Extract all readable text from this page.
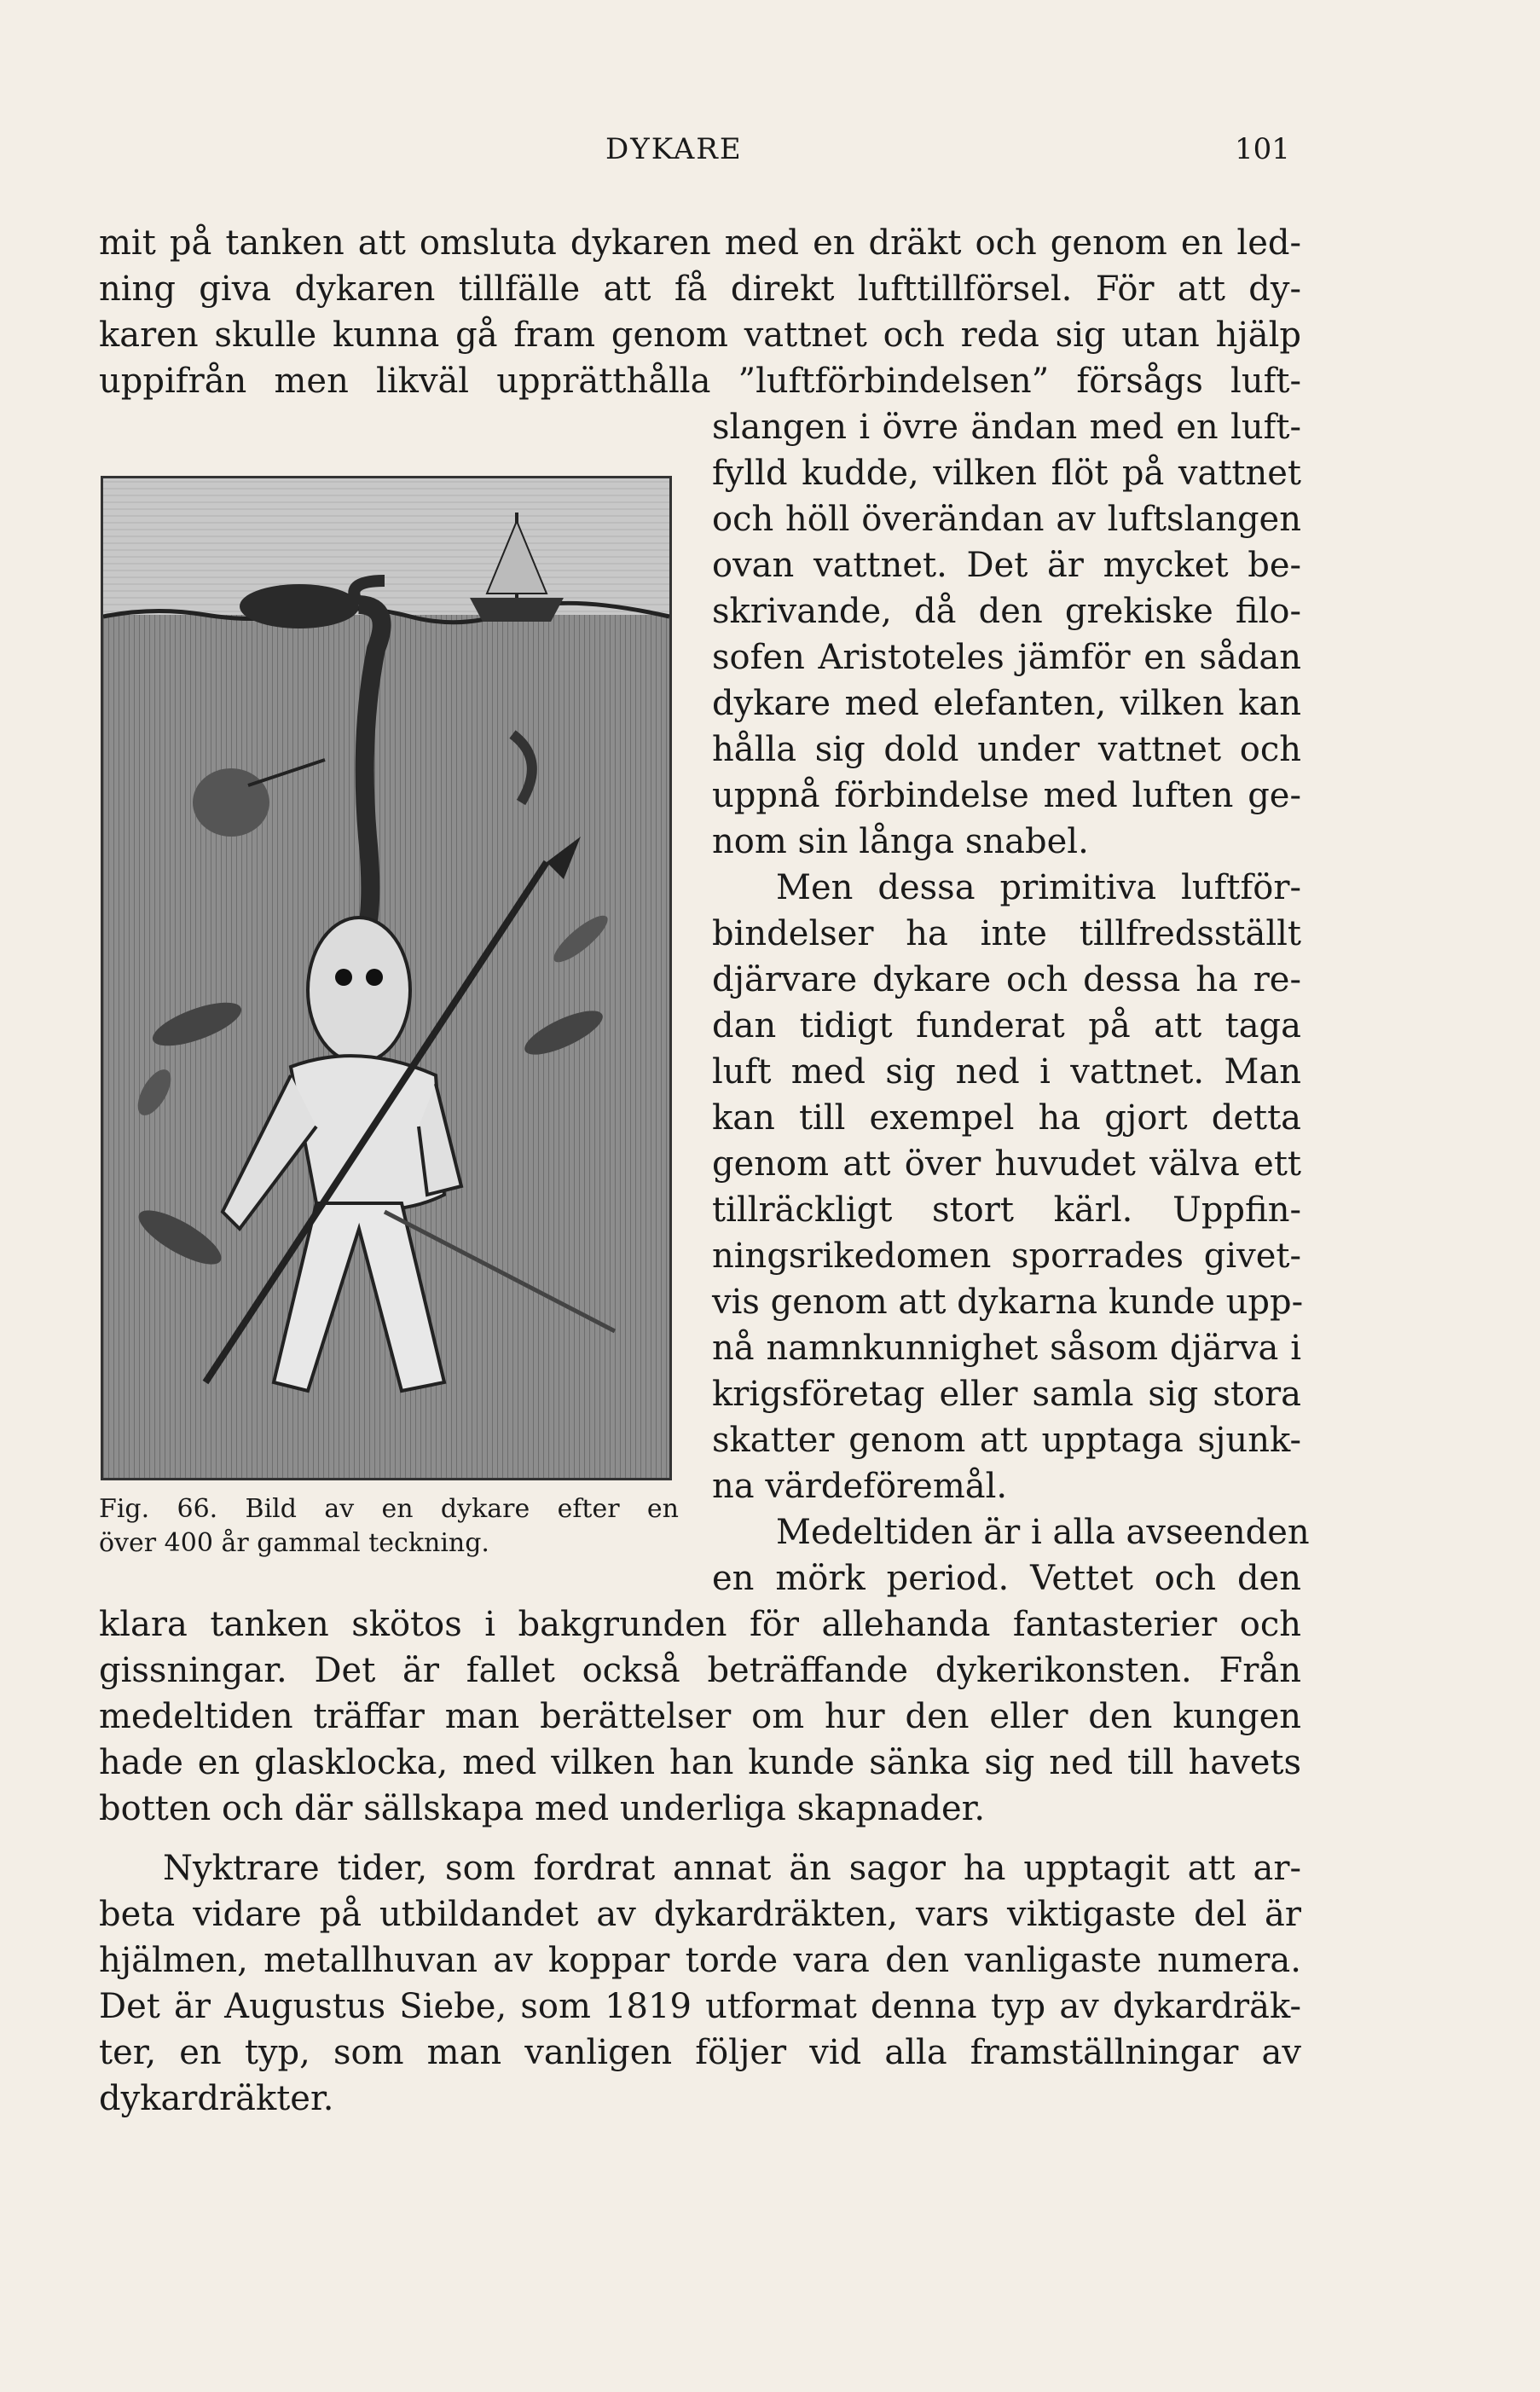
DYKARE	101
mit på tanken att omsluta dykaren med en dräkt och genom en led-
ning giva dykaren tillfälle att få direkt lufttillförsel. För att dy-
karen skulle kunna gå fram genom vattnet och reda sig utan hjälp
uppifrån men likväl upprätthålla ”luftförbindelsen” försågs luft-
slangen i övre ändan med en luft-
fylld kudde, vilken flöt på vattnet
och höll överändan av luftslangen
ovan vattnet. Det är mycket be-
skrivande, då den grekiske filo-
sofen Aristoteles jämför en sådan
dykare med elefanten, vilken kan
hålla sig dold under vattnet och
uppnå förbindelse med luften ge-
nom sin långa snabel.
Men dessa primitiva luftför-
bindelser ha inte tillfredsställt
djärvare dykare och dessa ha re-
dan tidigt funderat på att taga
luft med sig ned i vattnet. Man
kan till exempel ha gjort detta
genom att över huvudet välva ett
tillräckligt stort kärl. Uppfin-
ningsrikedomen sporrades givet-
vis genom att dykarna kunde upp-
nå namnkunnighet såsom djärva i
krigsföretag eller samla sig stora
skatter genom att upptaga sjunk-
na värdeföremål.
Medeltiden är i alla avseenden
en mörk period. Vettet och den
Fig. 66. Bild av en dykare efter en
över 400 år gammal teckning.
klara tanken skötos i bakgrunden för allehanda fantasterier och
gissningar. Det är fallet också beträffande dykerikonsten. Från
medeltiden träffar man berättelser om hur den eller den kungen
hade en glasklocka, med vilken han kunde sänka sig ned till havets
botten och där sällskapa med underliga skapnader.
Nyktrare tider, som fordrat annat än sagor ha upptagit att ar-
beta vidare på utbildandet av dykardräkten, vars viktigaste del är
hjälmen, metallhuvan av koppar torde vara den vanligaste numera.
Det är Augustus Siebe, som 1819 utformat denna typ av dykardräk-
ter, en typ, som man vanligen följer vid alla framställningar av
dykardräkter.
